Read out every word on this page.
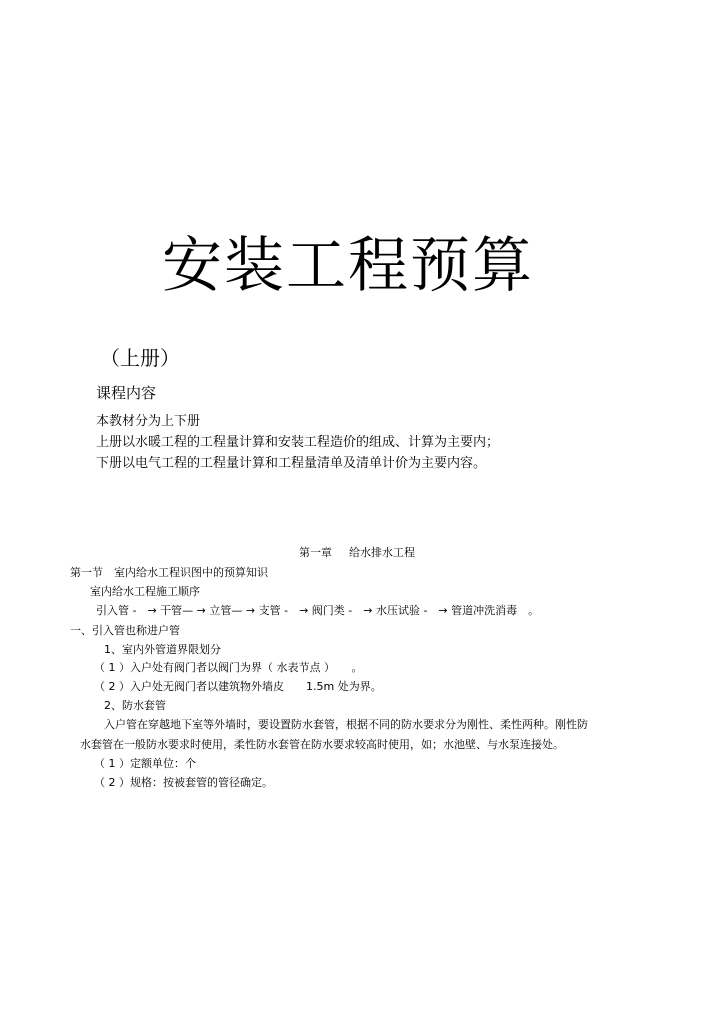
安装工程预算
（上册）
课程内容
本教材分为上下册
上册以水暖工程的工程量计算和安装工程造价的组成、计算为主要内；
下册以电气工程的工程量计算和工程量清单及清单计价为主要内容。
第一章 给水排水工程
第一节　室内给水工程识图中的预算知识
室内给水工程施工顺序
引入管 -　→ 干管— → 立管— → 支管 -　→ 阀门类 -　→ 水压试验 -　→ 管道冲洗消毒　。
一、引入管也称进户管
1、室内外管道界限划分
（ 1 ）入户处有阀门者以阀门为界（ 水表节点 ）　　。
（ 2 ）入户处无阀门者以建筑物外墙皮　　1.5m 处为界。
2、防水套管
入户管在穿越地下室等外墙时，要设置防水套管，根据不同的防水要求分为刚性、柔性两种。刚性防
水套管在一般防水要求时使用，柔性防水套管在防水要求较高时使用，如；水池壁、与水泵连接处。
（ 1 ）定额单位：个
（ 2 ）规格：按被套管的管径确定。
